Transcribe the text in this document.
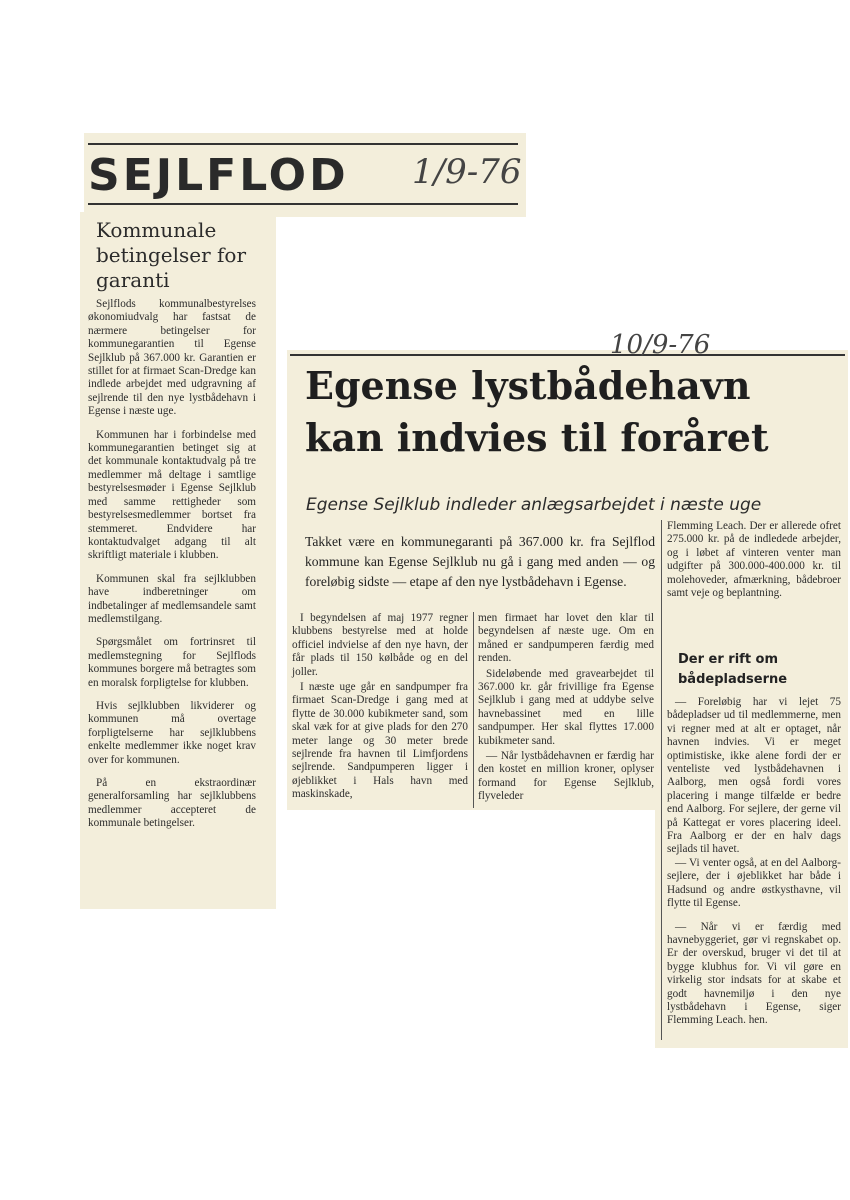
SEJLFLOD 1/9-76
Kommunale betingelser for garanti

Sejlflods kommunalbestyrelses økonomiudvalg har fastsat de nærmere betingelser for kommunegarantien til Egense Sejlklub på 367.000 kr. Garantien er stillet for at firmaet Scan-Dredge kan indlede arbejdet med udgravning af sejlrende til den nye lystbådehavn i Egense i næste uge.

Kommunen har i forbindelse med kommunegarantien betinget sig at det kommunale kontaktudvalg på tre medlemmer må deltage i samtlige bestyrelsesmøder i Egense Sejlklub med samme rettigheder som bestyrelsesmedlemmer bortset fra stemmeret. Endvidere har kontaktudvalget adgang til alt skriftligt materiale i klubben.

Kommunen skal fra sejlklubben have indberetninger om indbetalinger af medlemsandele samt medlemstilgang.

Spørgsmålet om fortrinsret til medlemstegning for Sejlflods kommunes borgere må betragtes som en moralsk forpligtelse for klubben.

Hvis sejlklubben likviderer og kommunen må overtage forpligtelserne har sejlklubbens enkelte medlemmer ikke noget krav over for kommunen.

På en ekstraordinær generalforsamling har sejlklubbens medlemmer accepteret de kommunale betingelser.

10/9-76
Egense lystbådehavn
kan indvies til foråret
Egense Sejlklub indleder anlægsarbejdet i næste uge
Takket være en kommunegaranti på 367.000 kr. fra Sejlflod kommune kan Egense Sejlklub nu gå i gang med anden — og foreløbig sidste — etape af den nye lystbådehavn i Egense.

I begyndelsen af maj 1977 regner klubbens bestyrelse med at holde officiel indvielse af den nye havn, der får plads til 150 kølbåde og en del joller.

I næste uge går en sandpumper fra firmaet Scan-Dredge i gang med at flytte de 30.000 kubikmeter sand, som skal væk for at give plads for den 270 meter lange og 30 meter brede sejlrende fra havnen til Limfjordens sejlrende. Sandpumperen ligger i øjeblikket i Hals havn med maskinskade,

men firmaet har lovet den klar til begyndelsen af næste uge. Om en måned er sandpumperen færdig med renden.

Sideløbende med gravearbejdet til 367.000 kr. går frivillige fra Egense Sejlklub i gang med at uddybe selve havnebassinet med en lille sandpumper. Her skal flyttes 17.000 kubikmeter sand.

— Når lystbådehavnen er færdig har den kostet en million kroner, oplyser formand for Egense Sejlklub, flyveleder

Flemming Leach. Der er allerede ofret 275.000 kr. på de indledede arbejder, og i løbet af vinteren venter man udgifter på 300.000-400.000 kr. til molehoveder, afmærkning, bådebroer samt veje og beplantning.
Der er rift om bådepladserne

— Foreløbig har vi lejet 75 bådepladser ud til medlemmerne, men vi regner med at alt er optaget, når havnen indvies. Vi er meget optimistiske, ikke alene fordi der er venteliste ved lystbådehavnen i Aalborg, men også fordi vores placering i mange tilfælde er bedre end Aalborg. For sejlere, der gerne vil på Kattegat er vores placering ideel. Fra Aalborg er der en halv dags sejlads til havet.

— Vi venter også, at en del Aalborg-sejlere, der i øjeblikket har både i Hadsund og andre østkysthavne, vil flytte til Egense.

— Når vi er færdig med havnebyggeriet, gør vi regnskabet op. Er der overskud, bruger vi det til at bygge klubhus for. Vi vil gøre en virkelig stor indsats for at skabe et godt havnemiljø i den nye lystbådehavn i Egense, siger Flemming Leach. hen.
